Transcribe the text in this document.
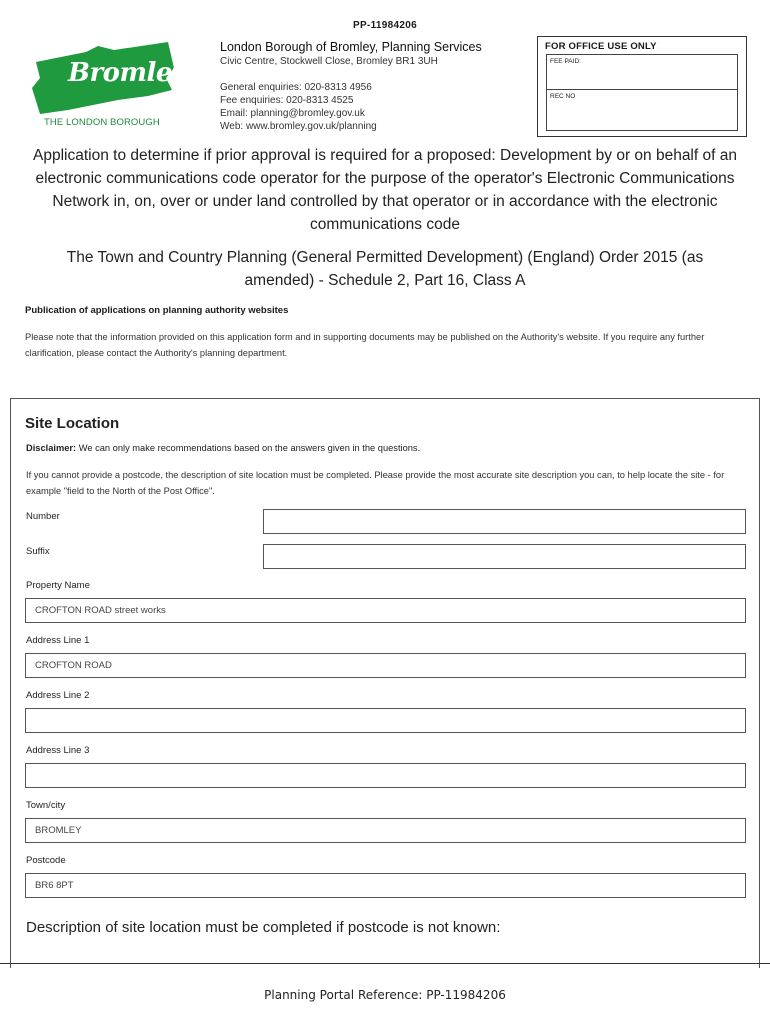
PP-11984206
Bromley
THE LONDON BOROUGH
London Borough of Bromley, Planning Services
Civic Centre, Stockwell Close, Bromley BR1 3UH
General enquiries: 020-8313 4956
Fee enquiries: 020-8313 4525
Email: planning@bromley.gov.uk
Web: www.bromley.gov.uk/planning
FOR OFFICE USE ONLY
FEE PAID:
REC NO
Application to determine if prior approval is required for a proposed: Development by or on behalf of an electronic communications code operator for the purpose of the operator's Electronic Communications Network in, on, over or under land controlled by that operator or in accordance with the electronic communications code
The Town and Country Planning (General Permitted Development) (England) Order 2015 (as amended) - Schedule 2, Part 16, Class A
Publication of applications on planning authority websites
Please note that the information provided on this application form and in supporting documents may be published on the Authority's website. If you require any further clarification, please contact the Authority's planning department.
Site Location
Disclaimer: We can only make recommendations based on the answers given in the questions.
If you cannot provide a postcode, the description of site location must be completed. Please provide the most accurate site description you can, to help locate the site - for example "field to the North of the Post Office".
Number
Suffix
Property Name
CROFTON ROAD street works
Address Line 1
CROFTON ROAD
Address Line 2
Address Line 3
Town/city
BROMLEY
Postcode
BR6 8PT
Description of site location must be completed if postcode is not known:
Planning Portal Reference: PP-11984206
